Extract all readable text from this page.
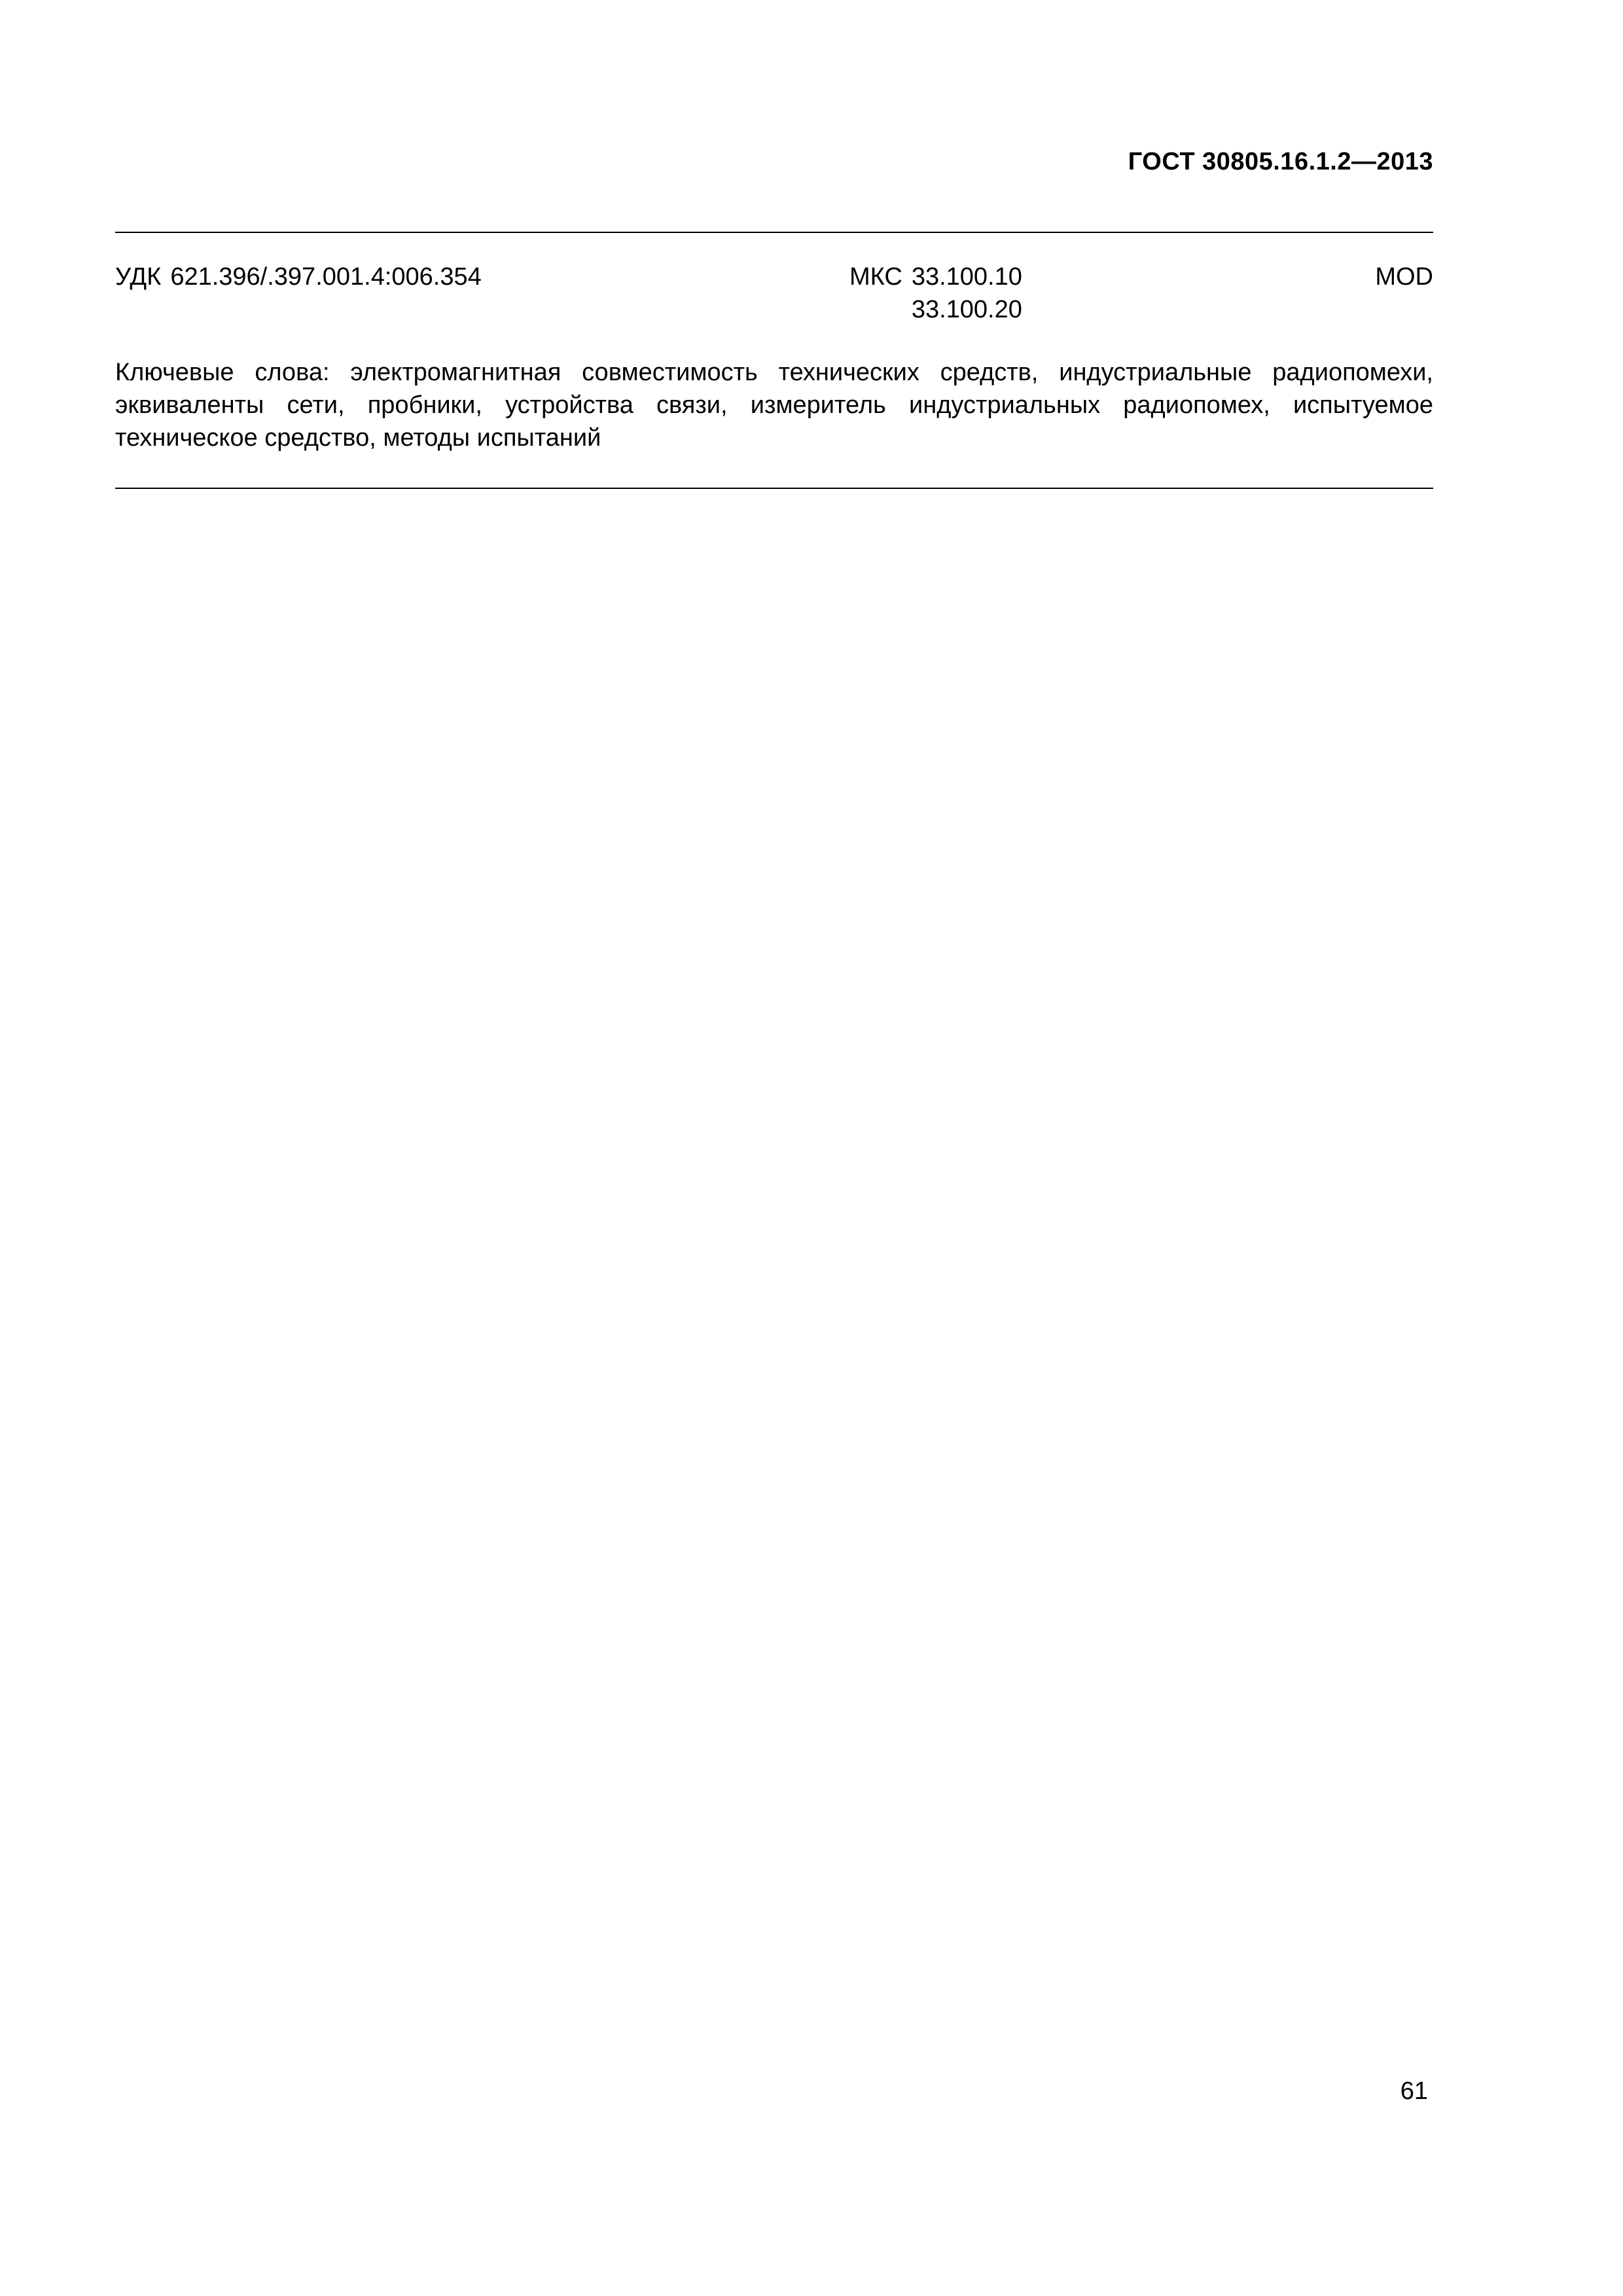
ГОСТ 30805.16.1.2—2013
УДК 621.396/.397.001.4:006.354	МКС 33.100.10
33.100.20
MOD
Ключевые слова: электромагнитная совместимость технических средств, индустриальные радиопомехи, эквиваленты сети, пробники, устройства связи, измеритель индустриальных радиопомех, испытуемое техническое средство, методы испытаний
61
